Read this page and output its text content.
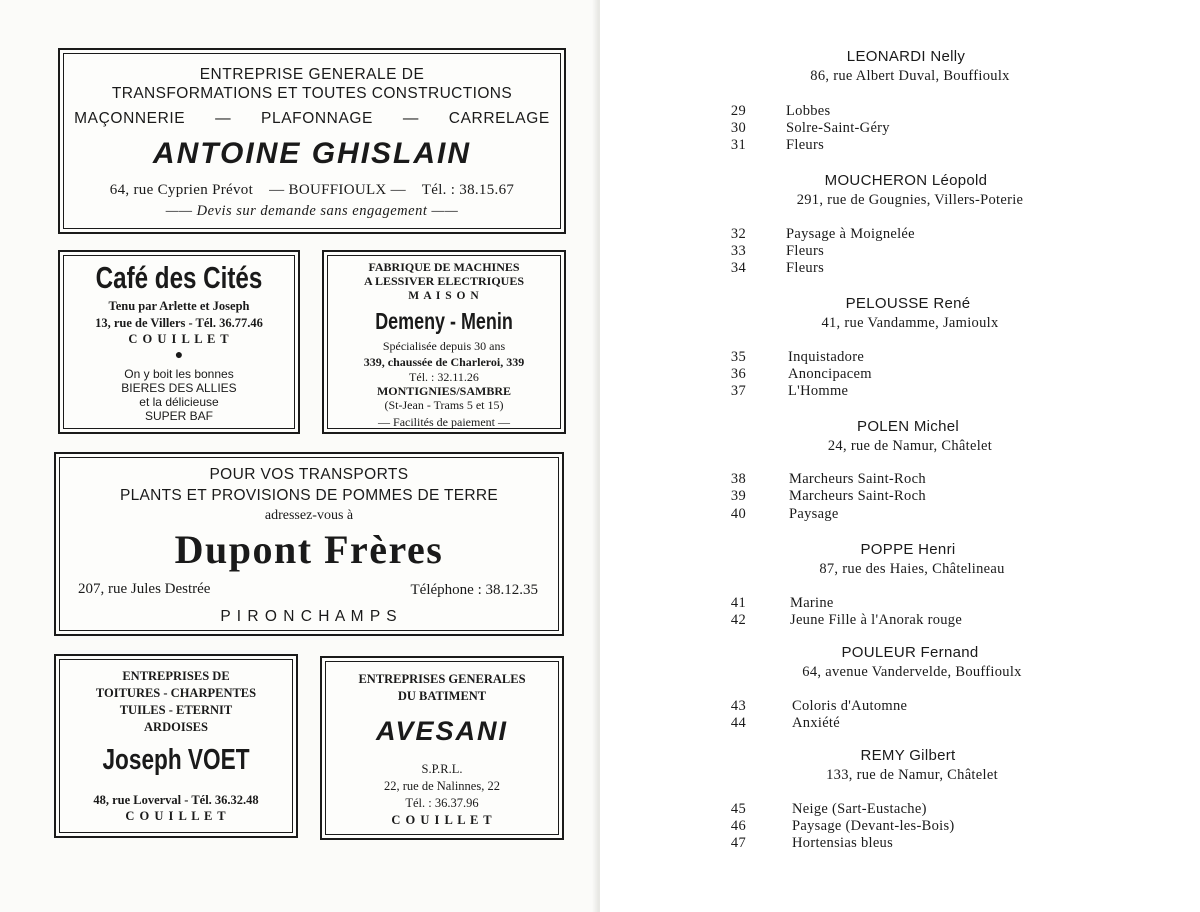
ENTREPRISE GENERALE DE
TRANSFORMATIONS ET TOUTES CONSTRUCTIONS
MAÇONNERIE — PLAFONNAGE — CARRELAGE
ANTOINE GHISLAIN
64, rue Cyprien Prévot — BOUFFIOULX — Tél. : 38.15.67
—— Devis sur demande sans engagement ——
Café des Cités
Tenu par Arlette et Joseph
13, rue de Villers - Tél. 36.77.46
C O U I L L E T
●
On y boit les bonnes
BIERES DES ALLIES
et la délicieuse
SUPER BAF
FABRIQUE DE MACHINES
A LESSIVER ELECTRIQUES
M A I S O N
Demeny - Menin
Spécialisée depuis 30 ans
339, chaussée de Charleroi, 339
Tél. : 32.11.26
MONTIGNIES/SAMBRE
(St-Jean - Trams 5 et 15)
— Facilités de paiement —
POUR VOS TRANSPORTS
PLANTS ET PROVISIONS DE POMMES DE TERRE
adressez-vous à
Dupont Frères
207, rue Jules Destrée	Téléphone : 38.12.35
P I R O N C H A M P S
ENTREPRISES DE
TOITURES - CHARPENTES
TUILES - ETERNIT
ARDOISES
Joseph VOET
48, rue Loverval - Tél. 36.32.48
C O U I L L E T
ENTREPRISES GENERALES
DU BATIMENT
AVESANI
S.P.R.L.
22, rue de Nalinnes, 22
Tél. : 36.37.96
C O U I L L E T
LEONARDI Nelly
86, rue Albert Duval, Bouffioulx
29	Lobbes
30	Solre-Saint-Géry
31	Fleurs
MOUCHERON Léopold
291, rue de Gougnies, Villers-Poterie
32	Paysage à Moignelée
33	Fleurs
34	Fleurs
PELOUSSE René
41, rue Vandamme, Jamioulx
35	Inquistadore
36	Anoncipacem
37	L'Homme
POLEN Michel
24, rue de Namur, Châtelet
38	Marcheurs Saint-Roch
39	Marcheurs Saint-Roch
40	Paysage
POPPE Henri
87, rue des Haies, Châtelineau
41	Marine
42	Jeune Fille à l'Anorak rouge
POULEUR Fernand
64, avenue Vandervelde, Bouffioulx
43	Coloris d'Automne
44	Anxiété
REMY Gilbert
133, rue de Namur, Châtelet
45	Neige (Sart-Eustache)
46	Paysage (Devant-les-Bois)
47	Hortensias bleus
